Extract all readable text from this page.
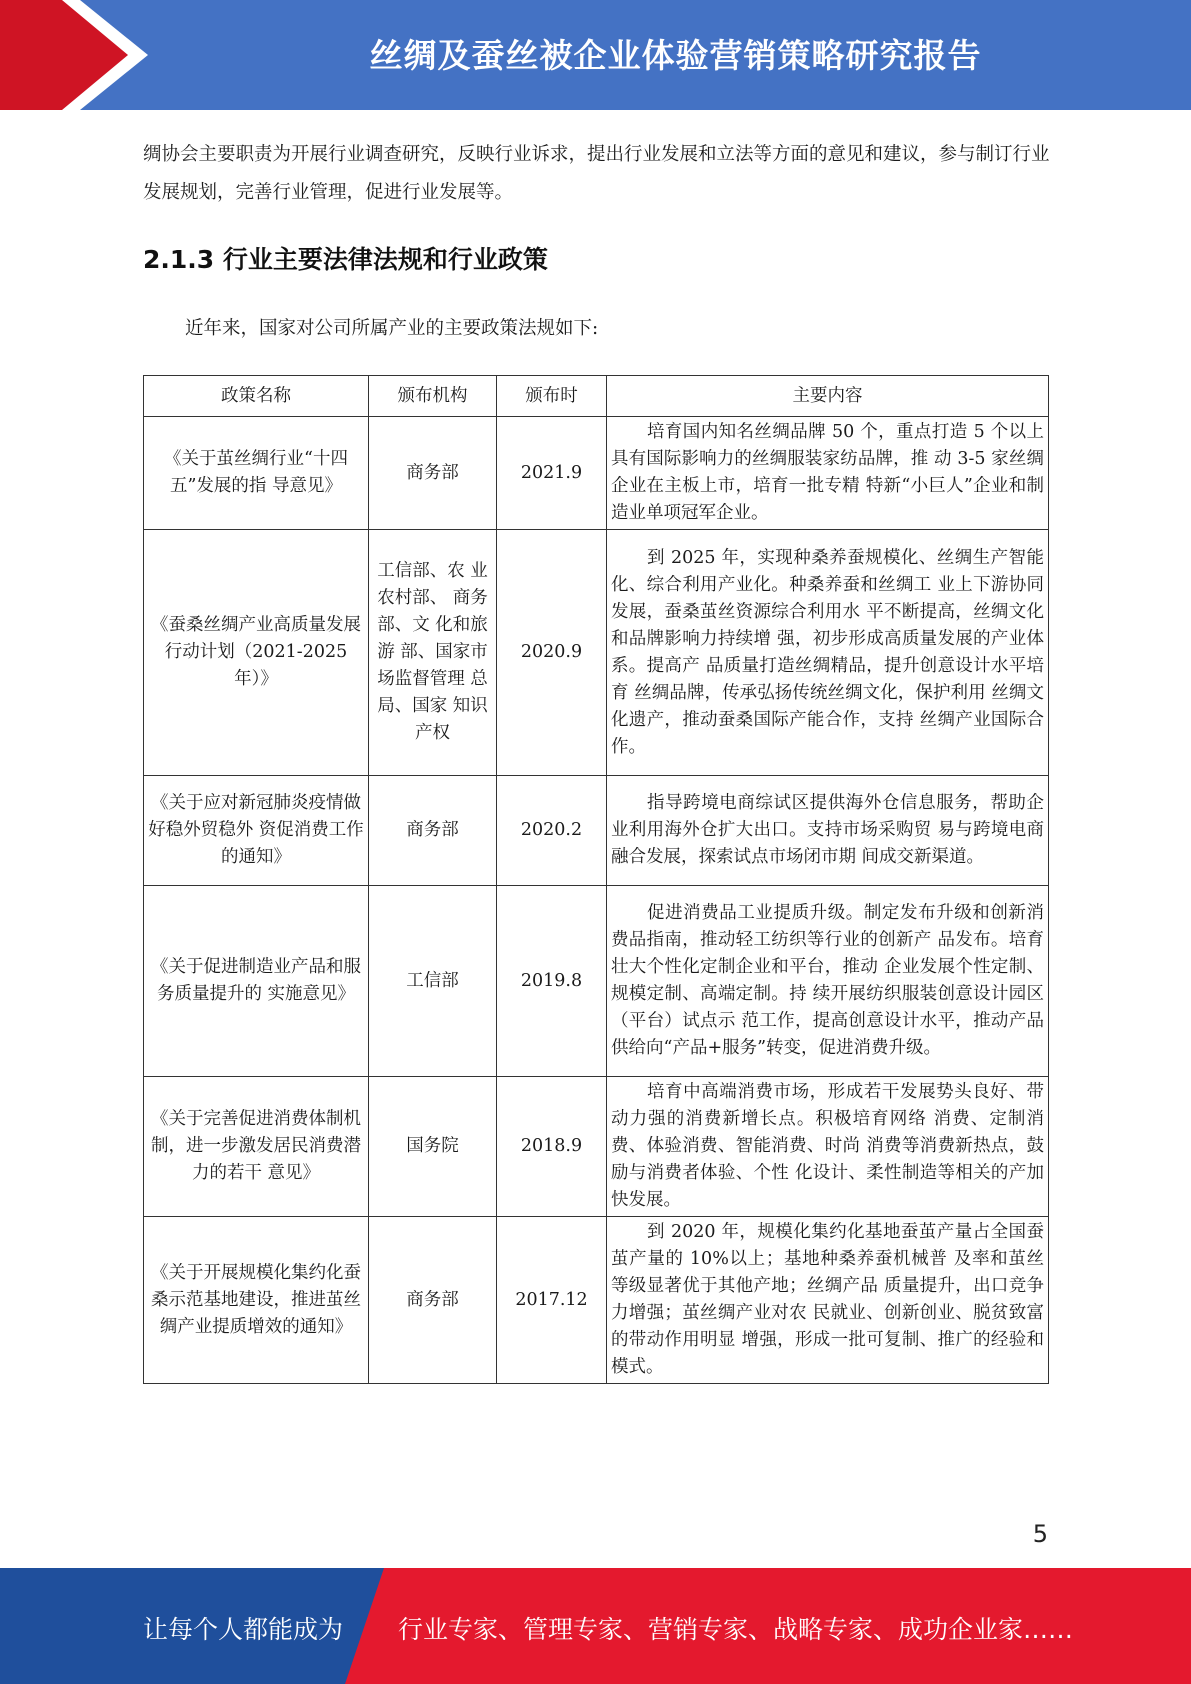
丝绸及蚕丝被企业体验营销策略研究报告

绸协会主要职责为开展行业调查研究，反映行业诉求，提出行业发展和立法等方面的意见和建议，参与制订行业发展规划，完善行业管理，促进行业发展等。

2.1.3 行业主要法律法规和行业政策

近年来，国家对公司所属产业的主要政策法规如下:

政策名称	颁布机构	颁布时	主要内容
《关于茧丝绸行业“十四五”发展的指 导意见》	商务部	2021.9	培育国内知名丝绸品牌 50 个，重点打造 5 个以上具有国际影响力的丝绸服装家纺品牌，推 动 3-5 家丝绸企业在主板上市，培育一批专精 特新“小巨人”企业和制造业单项冠军企业。
《蚕桑丝绸产业高质量发展行动计划（2021-2025 年）》	工信部、农 业农村部、 商务部、文 化和旅游 部、国家市 场监督管理 总局、国家 知识产权	2020.9	到 2025 年，实现种桑养蚕规模化、丝绸生产智能化、综合利用产业化。种桑养蚕和丝绸工 业上下游协同发展，蚕桑茧丝资源综合利用水 平不断提高，丝绸文化和品牌影响力持续增 强，初步形成高质量发展的产业体系。提高产 品质量打造丝绸精品，提升创意设计水平培育 丝绸品牌，传承弘扬传统丝绸文化，保护利用 丝绸文化遗产，推动蚕桑国际产能合作，支持 丝绸产业国际合作。
《关于应对新冠肺炎疫情做好稳外贸稳外 资促消费工作的通知》	商务部	2020.2	指导跨境电商综试区提供海外仓信息服务，帮助企业利用海外仓扩大出口。支持市场采购贸 易与跨境电商融合发展，探索试点市场闭市期 间成交新渠道。
《关于促进制造业产品和服务质量提升的 实施意见》	工信部	2019.8	促进消费品工业提质升级。制定发布升级和创新消费品指南，推动轻工纺织等行业的创新产 品发布。培育壮大个性化定制企业和平台，推动 企业发展个性定制、规模定制、高端定制。持 续开展纺织服装创意设计园区（平台）试点示 范工作，提高创意设计水平，推动产品供给向“产品+服务”转变，促进消费升级。
《关于完善促进消费体制机制，进一步激发居民消费潜力的若干 意见》	国务院	2018.9	培育中高端消费市场，形成若干发展势头良好、带动力强的消费新增长点。积极培育网络 消费、定制消费、体验消费、智能消费、时尚 消费等消费新热点，鼓励与消费者体验、个性 化设计、柔性制造等相关的产加快发展。
《关于开展规模化集约化蚕桑示范基地建设，推进茧丝绸产业提质增效的通知》	商务部	2017.12	到 2020 年，规模化集约化基地蚕茧产量占全国蚕茧产量的 10%以上；基地种桑养蚕机械普 及率和茧丝等级显著优于其他产地；丝绸产品 质量提升，出口竞争力增强；茧丝绸产业对农 民就业、创新创业、脱贫致富的带动作用明显 增强，形成一批可复制、推广的经验和模式。
5
让每个人都能成为 行业专家、管理专家、营销专家、战略专家、成功企业家……
